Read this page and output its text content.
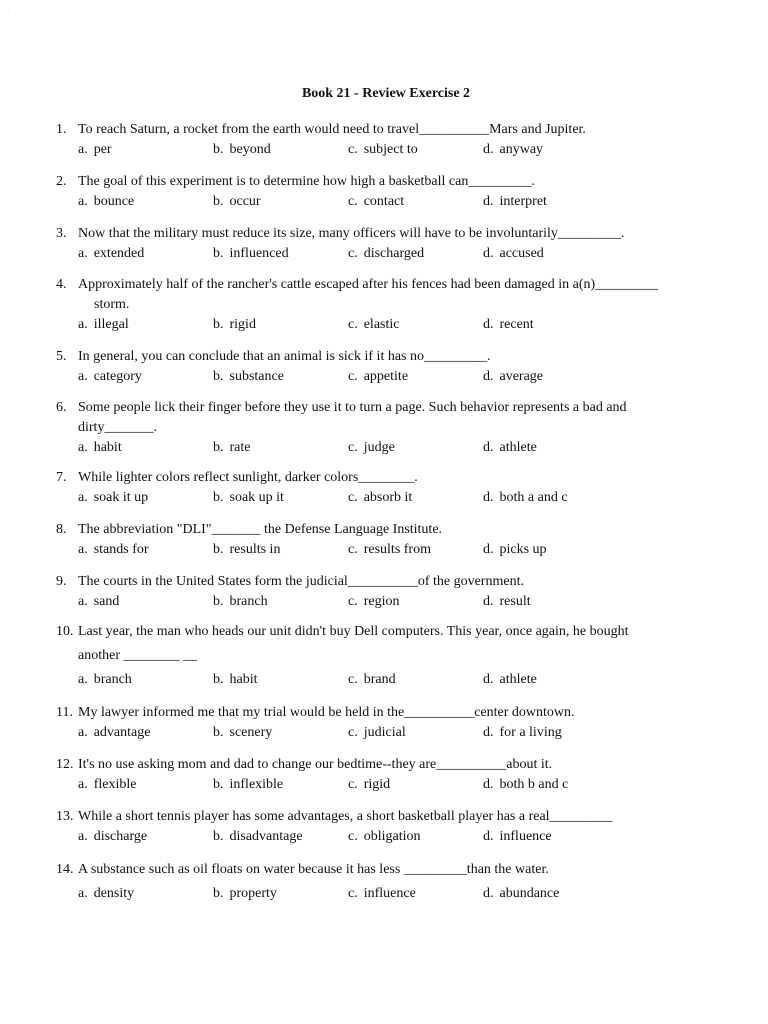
`
Book 21 - Review Exercise 2
1. To reach Saturn, a rocket from the earth would need to travel__________Mars and Jupiter.
a. per	b. beyond	c. subject to	d. anyway
2. The goal of this experiment is to determine how high a basketball can_________.
a. bounce	b. occur	c. contact	d. interpret
3. Now that the military must reduce its size, many officers will have to be involuntarily_________.
a. extended	b. influenced	c. discharged	d. accused
4. Approximately half of the rancher's cattle escaped after his fences had been damaged in a(n)_________
storm.
a. illegal	b. rigid	c. elastic	d. recent
5. In general, you can conclude that an animal is sick if it has no_________.
a. category	b. substance	c. appetite	d. average
6. Some people lick their finger before they use it to turn a page. Such behavior represents a bad and
dirty_______.
a. habit	b. rate	c. judge	d. athlete
7. While lighter colors reflect sunlight, darker colors________.
a. soak it up	b. soak up it	c. absorb it	d. both a and c
8. The abbreviation "DLI"_______ the Defense Language Institute.
a. stands for	b. results in	c. results from	d. picks up
9. The courts in the United States form the judicial__________of the government.
a. sand	b. branch	c. region	d. result
10. Last year, the man who heads our unit didn't buy Dell computers. This year, once again, he bought
another ________ __
a. branch	b. habit	c. brand	d. athlete
11. My lawyer informed me that my trial would be held in the__________center downtown.
a. advantage	b. scenery	c. judicial	d. for a living
12. It's no use asking mom and dad to change our bedtime--they are__________about it.
a. flexible	b. inflexible	c. rigid	d. both b and c
13. While a short tennis player has some advantages, a short basketball player has a real_________
a. discharge	b. disadvantage	c. obligation	d. influence
14. A substance such as oil floats on water because it has less _________than the water.
a. density	b. property	c. influence	d. abundance
